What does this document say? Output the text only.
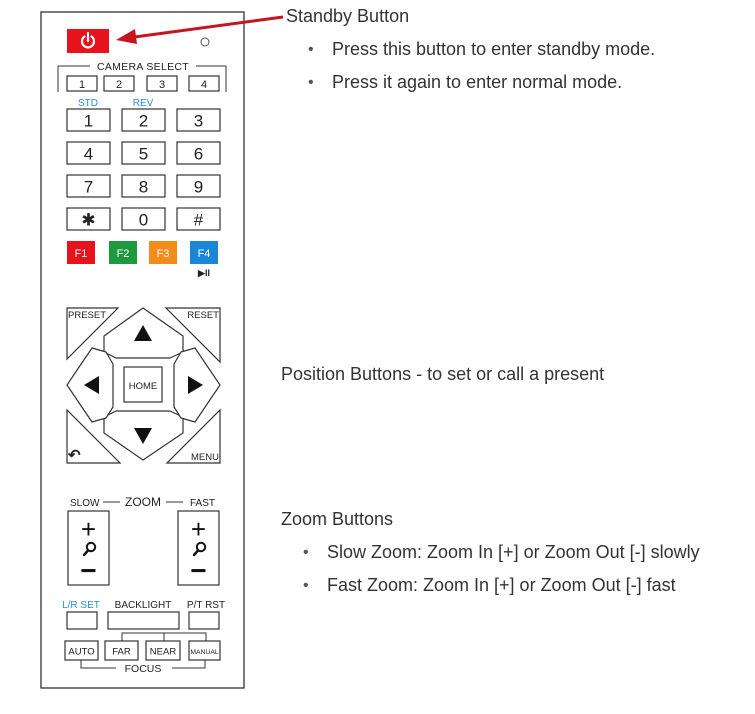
CAMERA SELECT
1	2	3	4
STD	REV
1	2	3
4	5	6
7	8	9
✱	0	#
F1	F2 F3	F4
▶II
PRESET	RESET
↶	MENU
HOME
ZOOM
SLOW	FAST
+
−
+
−
L/R SET BACKLIGHT P/T RST
AUTO FAR NEAR MANUAL
FOCUS
Standby Button
• Press this button to enter standby mode.
• Press it again to enter normal mode.
Position Buttons - to set or call a present
Zoom Buttons
• Slow Zoom: Zoom In [+] or Zoom Out [-] slowly
• Fast Zoom: Zoom In [+] or Zoom Out [-] fast
